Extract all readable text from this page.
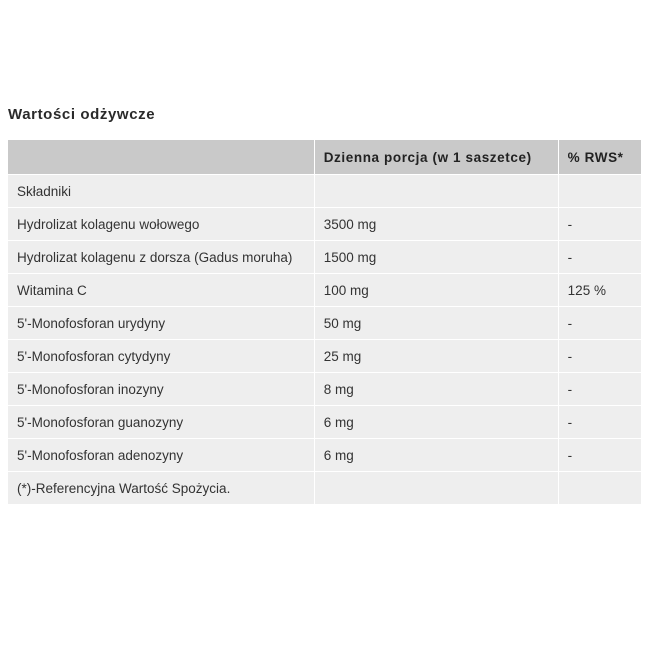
Wartości odżywcze
	Dzienna porcja (w 1 saszetce)	% RWS*
Składniki		
Hydrolizat kolagenu wołowego	3500 mg	-
Hydrolizat kolagenu z dorsza (Gadus moruha)	1500 mg	-
Witamina C	100 mg	125 %
5'-Monofosforan urydyny	50 mg	-
5'-Monofosforan cytydyny	25 mg	-
5'-Monofosforan inozyny	8 mg	-
5'-Monofosforan guanozyny	6 mg	-
5'-Monofosforan adenozyny	6 mg	-
(*)-Referencyjna Wartość Spożycia.		
